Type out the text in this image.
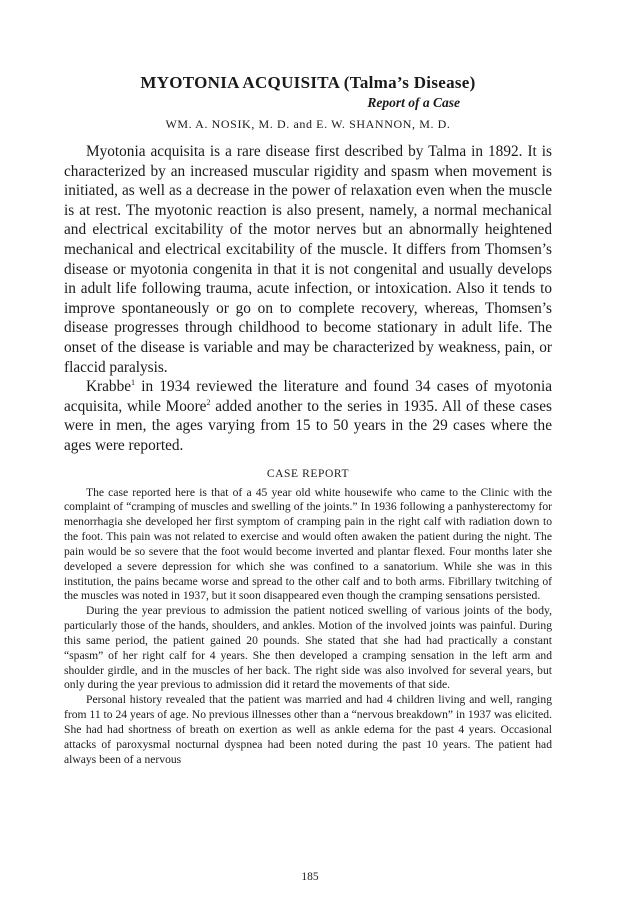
MYOTONIA ACQUISITA (Talma’s Disease)
Report of a Case
WM. A. NOSIK, M. D. and E. W. SHANNON, M. D.

Myotonia acquisita is a rare disease first described by Talma in 1892. It is characterized by an increased muscular rigidity and spasm when movement is initiated, as well as a decrease in the power of relaxation even when the muscle is at rest. The myotonic reaction is also present, namely, a normal mechanical and electrical excitability of the motor nerves but an abnormally heightened mechanical and electrical excitability of the muscle. It differs from Thomsen’s disease or myotonia congenita in that it is not congenital and usually develops in adult life following trauma, acute infection, or intoxication. Also it tends to improve spontaneously or go on to complete recovery, whereas, Thomsen’s disease progresses through childhood to become stationary in adult life. The onset of the disease is variable and may be characterized by weakness, pain, or flaccid paralysis.

Krabbe$^1$ in 1934 reviewed the literature and found 34 cases of myotonia acquisita, while Moore$^2$ added another to the series in 1935. All of these cases were in men, the ages varying from 15 to 50 years in the 29 cases where the ages were reported.

CASE REPORT

The case reported here is that of a 45 year old white housewife who came to the Clinic with the complaint of “cramping of muscles and swelling of the joints.” In 1936 following a panhysterectomy for menorrhagia she developed her first symptom of cramping pain in the right calf with radiation down to the foot. This pain was not related to exercise and would often awaken the patient during the night. The pain would be so severe that the foot would become inverted and plantar flexed. Four months later she developed a severe depression for which she was confined to a sanatorium. While she was in this institution, the pains became worse and spread to the other calf and to both arms. Fibrillary twitching of the muscles was noted in 1937, but it soon disappeared even though the cramping sensations persisted.

During the year previous to admission the patient noticed swelling of various joints of the body, particularly those of the hands, shoulders, and ankles. Motion of the involved joints was painful. During this same period, the patient gained 20 pounds. She stated that she had had practically a constant “spasm” of her right calf for 4 years. She then developed a cramping sensation in the left arm and shoulder girdle, and in the muscles of her back. The right side was also involved for several years, but only during the year previous to admission did it retard the movements of that side.

Personal history revealed that the patient was married and had 4 children living and well, ranging from 11 to 24 years of age. No previous illnesses other than a “nervous breakdown” in 1937 was elicited. She had had shortness of breath on exertion as well as ankle edema for the past 4 years. Occasional attacks of paroxysmal nocturnal dyspnea had been noted during the past 10 years. The patient had always been of a nervous

185
